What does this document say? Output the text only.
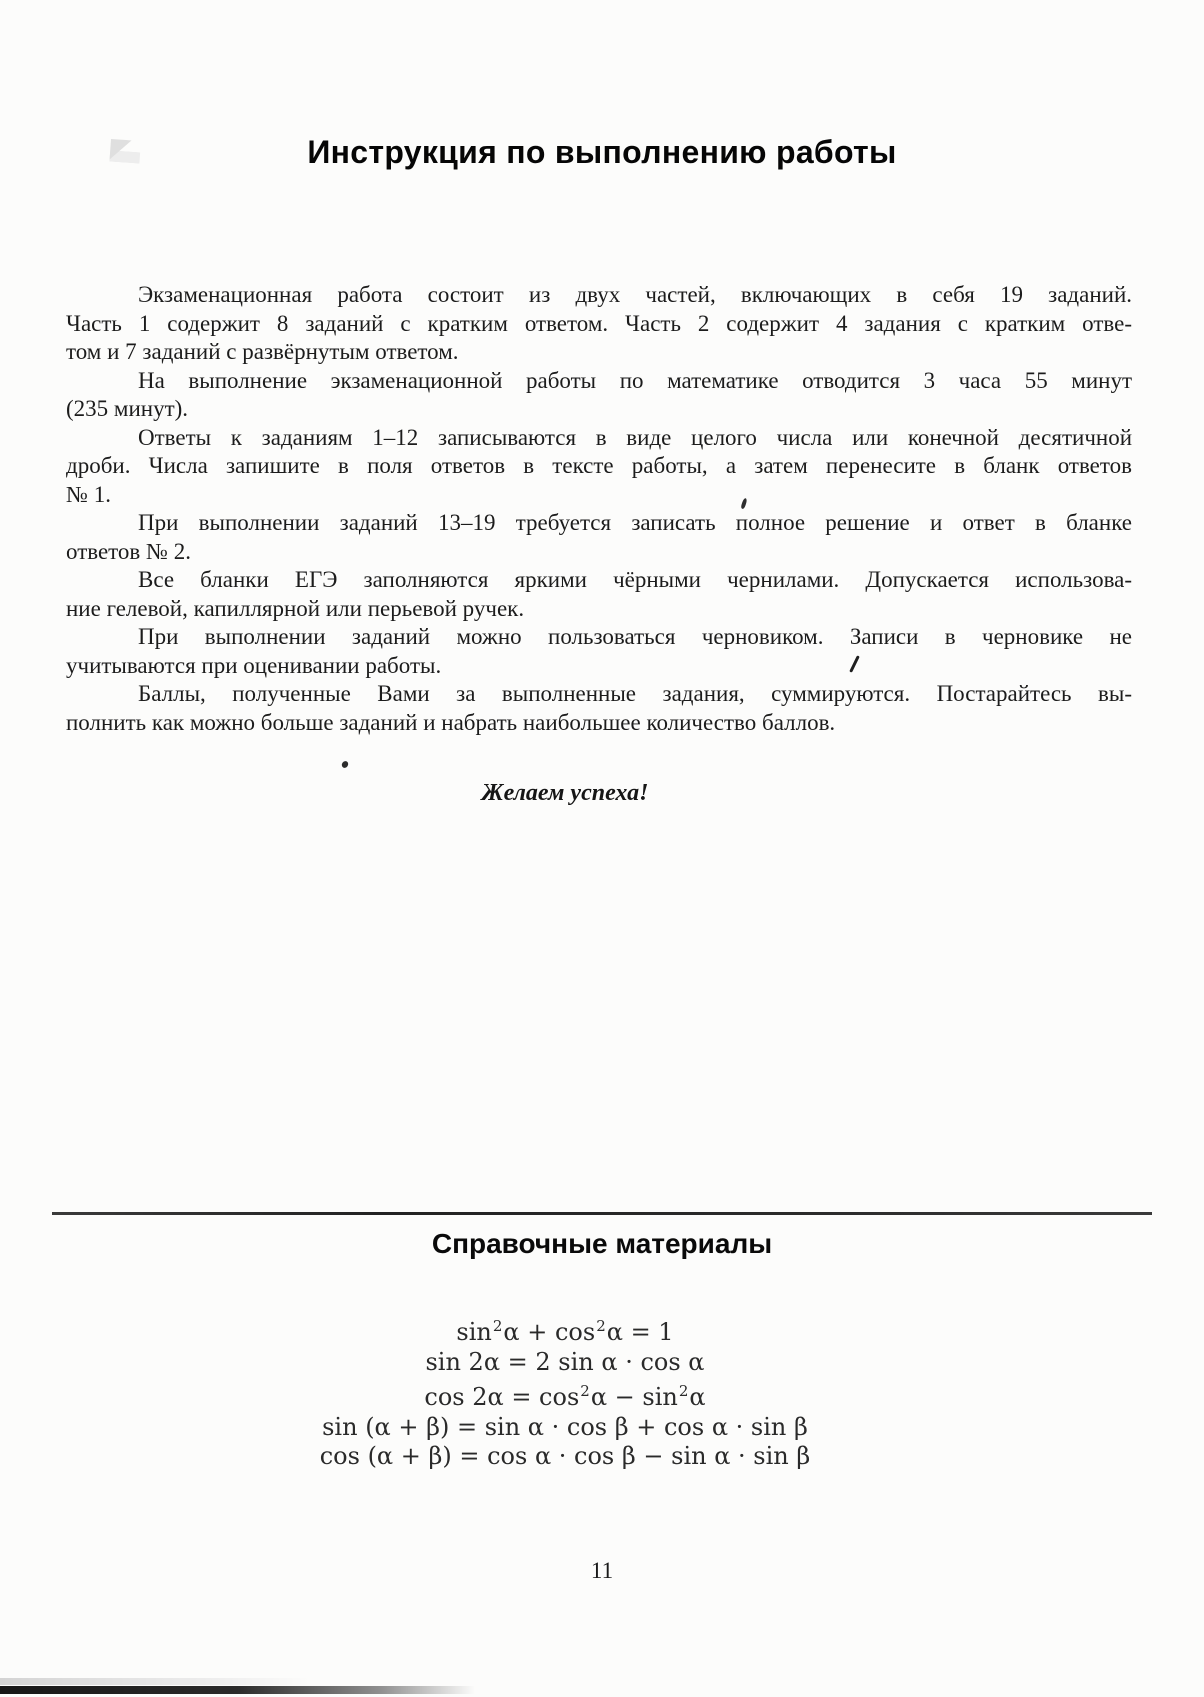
Инструкция по выполнению работы
Экзаменационная работа состоит из двух частей, включающих в себя 19 заданий.
Часть 1 содержит 8 заданий с кратким ответом. Часть 2 содержит 4 задания с кратким отве-
том и 7 заданий с развёрнутым ответом.
На выполнение экзаменационной работы по математике отводится 3 часа 55 минут
(235 минут).
Ответы к заданиям 1–12 записываются в виде целого числа или конечной десятичной
дроби. Числа запишите в поля ответов в тексте работы, а затем перенесите в бланк ответов
№ 1.
При выполнении заданий 13–19 требуется записать полное решение и ответ в бланке
ответов № 2.
Все бланки ЕГЭ заполняются яркими чёрными чернилами. Допускается использова-
ние гелевой, капиллярной или перьевой ручек.
При выполнении заданий можно пользоваться черновиком. Записи в черновике не
учитываются при оценивании работы.
Баллы, полученные Вами за выполненные задания, суммируются. Постарайтесь вы-
полнить как можно больше заданий и набрать наибольшее количество баллов.
Желаем успеха!
Справочные материалы
$\sin^2\alpha + \cos^2\alpha = 1$
sin 2α = 2 sin α · cos α
$\cos 2\alpha = \cos^2\alpha - \sin^2\alpha$
sin (α + β) = sin α · cos β + cos α · sin β
cos (α + β) = cos α · cos β − sin α · sin β
11
